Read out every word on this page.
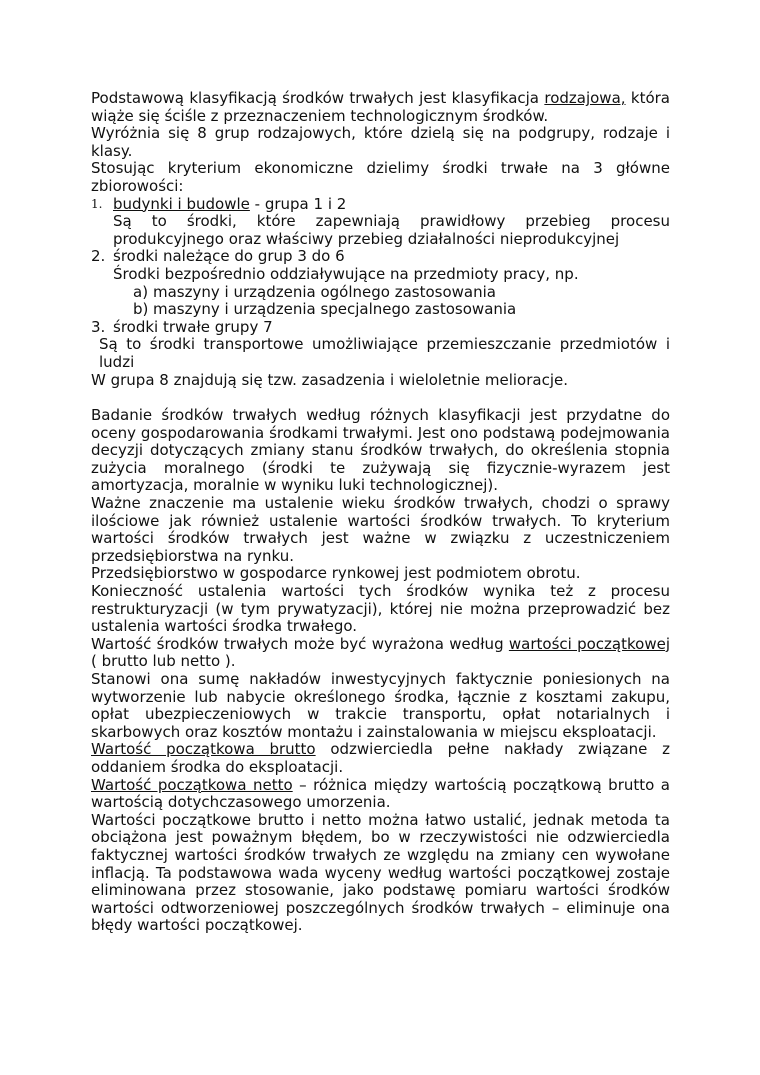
Podstawową klasyfikacją środków trwałych jest klasyfikacja rodzajowa, która wiąże się ściśle z przeznaczeniem technologicznym środków.

Wyróżnia się 8 grup rodzajowych, które dzielą się na podgrupy, rodzaje i klasy.

Stosując kryterium ekonomiczne dzielimy środki trwałe na 3 główne zbiorowości:

1. budynki i budowle - grupa 1 i 2
Są to środki, które zapewniają prawidłowy przebieg procesu produkcyjnego oraz właściwy przebieg działalności nieprodukcyjnej
2. środki należące do grup 3 do 6
Środki bezpośrednio oddziaływujące na przedmioty pracy, np.
a) maszyny i urządzenia ogólnego zastosowania
b) maszyny i urządzenia specjalnego zastosowania
3. środki trwałe grupy 7
Są to środki transportowe umożliwiające przemieszczanie przedmiotów i ludzi

W grupa 8 znajdują się tzw. zasadzenia i wieloletnie melioracje.

Badanie środków trwałych według różnych klasyfikacji jest przydatne do oceny gospodarowania środkami trwałymi. Jest ono podstawą podejmowania decyzji dotyczących zmiany stanu środków trwałych, do określenia stopnia zużycia moralnego (środki te zużywają się fizycznie-wyrazem jest amortyzacja, moralnie w wyniku luki technologicznej).

Ważne znaczenie ma ustalenie wieku środków trwałych, chodzi o sprawy ilościowe jak również ustalenie wartości środków trwałych. To kryterium wartości środków trwałych jest ważne w związku z uczestniczeniem przedsiębiorstwa na rynku.

Przedsiębiorstwo w gospodarce rynkowej jest podmiotem obrotu.

Konieczność ustalenia wartości tych środków wynika też z procesu restrukturyzacji (w tym prywatyzacji), której nie można przeprowadzić bez ustalenia wartości środka trwałego.

Wartość środków trwałych może być wyrażona według wartości początkowej ( brutto lub netto ).

Stanowi ona sumę nakładów inwestycyjnych faktycznie poniesionych na wytworzenie lub nabycie określonego środka, łącznie z kosztami zakupu, opłat ubezpieczeniowych w trakcie transportu, opłat notarialnych i skarbowych oraz kosztów montażu i zainstalowania w miejscu eksploatacji.

Wartość początkowa brutto odzwierciedla pełne nakłady związane z oddaniem środka do eksploatacji.

Wartość początkowa netto – różnica między wartością początkową brutto a wartością dotychczasowego umorzenia.

Wartości początkowe brutto i netto można łatwo ustalić, jednak metoda ta obciążona jest poważnym błędem, bo w rzeczywistości nie odzwierciedla faktycznej wartości środków trwałych ze względu na zmiany cen wywołane inflacją. Ta podstawowa wada wyceny według wartości początkowej zostaje eliminowana przez stosowanie, jako podstawę pomiaru wartości środków wartości odtworzeniowej poszczególnych środków trwałych – eliminuje ona błędy wartości początkowej.
